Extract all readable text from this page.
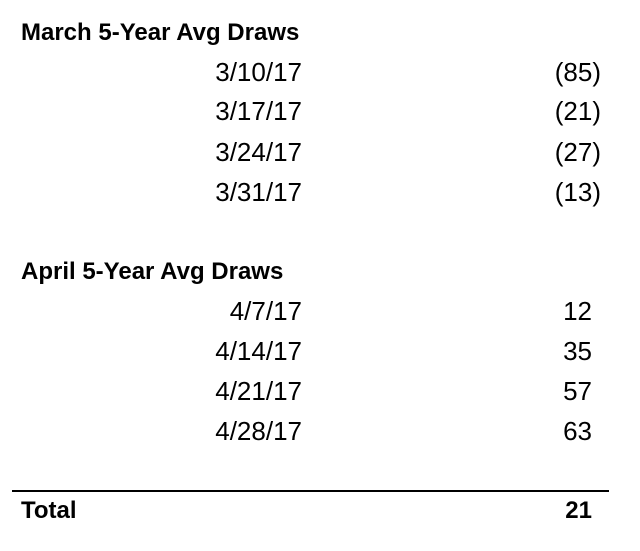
March 5-Year Avg Draws
3/10/17	(85)
3/17/17	(21)
3/24/17	(27)
3/31/17	(13)
April 5-Year Avg Draws
4/7/17	12
4/14/17	35
4/21/17	57
4/28/17	63
Total	21
